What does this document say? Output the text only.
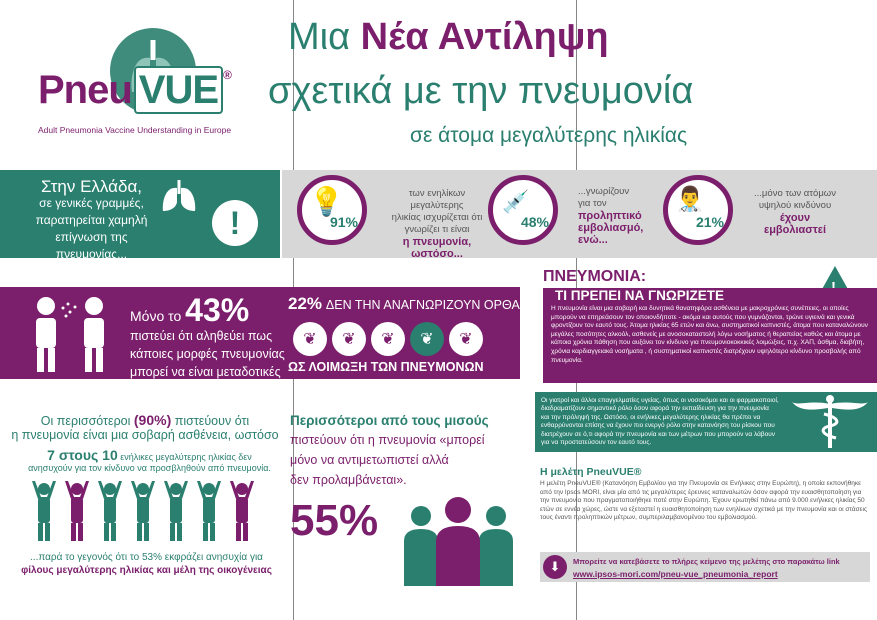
Pneu VUE ®
Adult Pneumonia Vaccine Understanding in Europe
Μια Νέα Αντίληψη
σχετικά με την πνευμονία
σε άτομα μεγαλύτερης ηλικίας
Στην Ελλάδα,
σε γενικές γραμμές,
παρατηρείται χαμηλή
επίγνωση της πνευμονίας...
!	91%
💡	των ενηλίκων μεγαλύτερης
ηλικίας ισχυρίζεται ότι
γνωρίζει τι είναι
η πνευμονία,
ωστόσο...
48%
💉	...γνωρίζουν
για τον
προληπτικό
εμβολιασμό,
ενώ...
21%
👨‍⚕️	...μόνο των ατόμων
υψηλού κινδύνου
έχουν
εμβολιαστεί
Μόνο το 43%
πιστεύει ότι αληθεύει πως
κάποιες μορφές πνευμονίας
μπορεί να είναι μεταδοτικές
22% ΔΕΝ ΤΗΝ ΑΝΑΓΝΩΡΙΖΟΥΝ ΟΡΘΑ
❦	❦	❦	❦	❦
ΩΣ ΛΟΙΜΩΞΗ ΤΩΝ ΠΝΕΥΜΟΝΩΝ
ΠΝΕΥΜΟΝΙΑ:
ΤΙ ΠΡΕΠΕΙ ΝΑ ΓΝΩΡΙΖΕΤΕ
Η πνευμονία είναι μια σοβαρή και δυνητικά θανατηφόρα ασθένεια με μακροχρόνιες συνέπειες, οι οποίες μπορούν να επηρεάσουν τον οποιονδήποτε - ακόμα και αυτούς που γυμνάζονται, τρώνε υγιεινά και γενικά φροντίζουν τον εαυτό τους. Άτομα ηλικίας 65 ετών και άνω, συστηματικοί καπνιστές, άτομα που καταναλώνουν μεγάλες ποσότητες αλκοόλ, ασθενείς με ανοσοκαταστολή λόγω νοσήματος ή θεραπείας καθώς και άτομα με κάποια χρόνια πάθηση που αυξάνει τον κίνδυνο για πνευμονιοκοκκικές λοιμώξεις, π.χ. ΧΑΠ, άσθμα, διαβήτη, χρόνια καρδιαγγειακά νοσήματα , ή συστηματικοί καπνιστές διατρέχουν υψηλότερο κίνδυνο προσβολής από πνευμονία.
Οι γιατροί και άλλοι επαγγελματίες υγείας, όπως οι νοσοκόμοι και οι φαρμακοποιοί, διαδραματίζουν σημαντικό ρόλο όσον αφορά την εκπαίδευση για την πνευμονία και την πρόληψή της. Ωστόσο, οι ενήλικες μεγαλύτερης ηλικίας θα πρέπει να ενθαρρύνονται επίσης να έχουν πιο ενεργό ρόλο στην κατανόηση του ρίσκου που διατρέχουν σε ό,τι αφορά την πνευμονία και των μέτρων που μπορούν να λάβουν για να προστατεύσουν τον εαυτό τους.
Οι περισσότεροι (90%) πιστεύουν ότι
η πνευμονία είναι μια σοβαρή ασθένεια, ωστόσο
7 στους 10 ενήλικες μεγαλύτερης ηλικίας δεν
ανησυχούν για τον κίνδυνο να προσβληθούν από πνευμονία.
...παρά το γεγονός ότι το 53% εκφράζει ανησυχία για
φίλους μεγαλύτερης ηλικίας και μέλη της οικογένειας
Περισσότεροι από τους μισούς
πιστεύουν ότι η πνευμονία «μπορεί
μόνο να αντιμετωπιστεί αλλά
δεν προλαμβάνεται».
55%
Η μελέτη PneuVUE®
Η μελέτη PneuVUE® (Κατανόηση Εμβολίου για την Πνευμονία σε Ενήλικες στην Ευρώπη), η οποία εκπονήθηκε από την Ipsos MORI, είναι μία από τις μεγαλύτερες έρευνες καταναλωτών όσον αφορά την ευαισθητοποίηση για την πνευμονία που πραγματοποιήθηκε ποτέ στην Ευρώπη. Έχουν ερωτηθεί πάνω από 9.000 ενήλικες ηλικίας 50 ετών σε εννέα χώρες, ώστε να εξεταστεί η ευαισθητοποίηση των ενηλίκων σχετικά με την πνευμονία και οι στάσεις τους έναντι προληπτικών μέτρων, συμπεριλαμβανομένου του εμβολιασμού.
⬇	Μπορείτε να κατεβάσετε το πλήρες κείμενο της μελέτης στο παρακάτω link
www.ipsos-mori.com/pneu-vue_pneumonia_report
